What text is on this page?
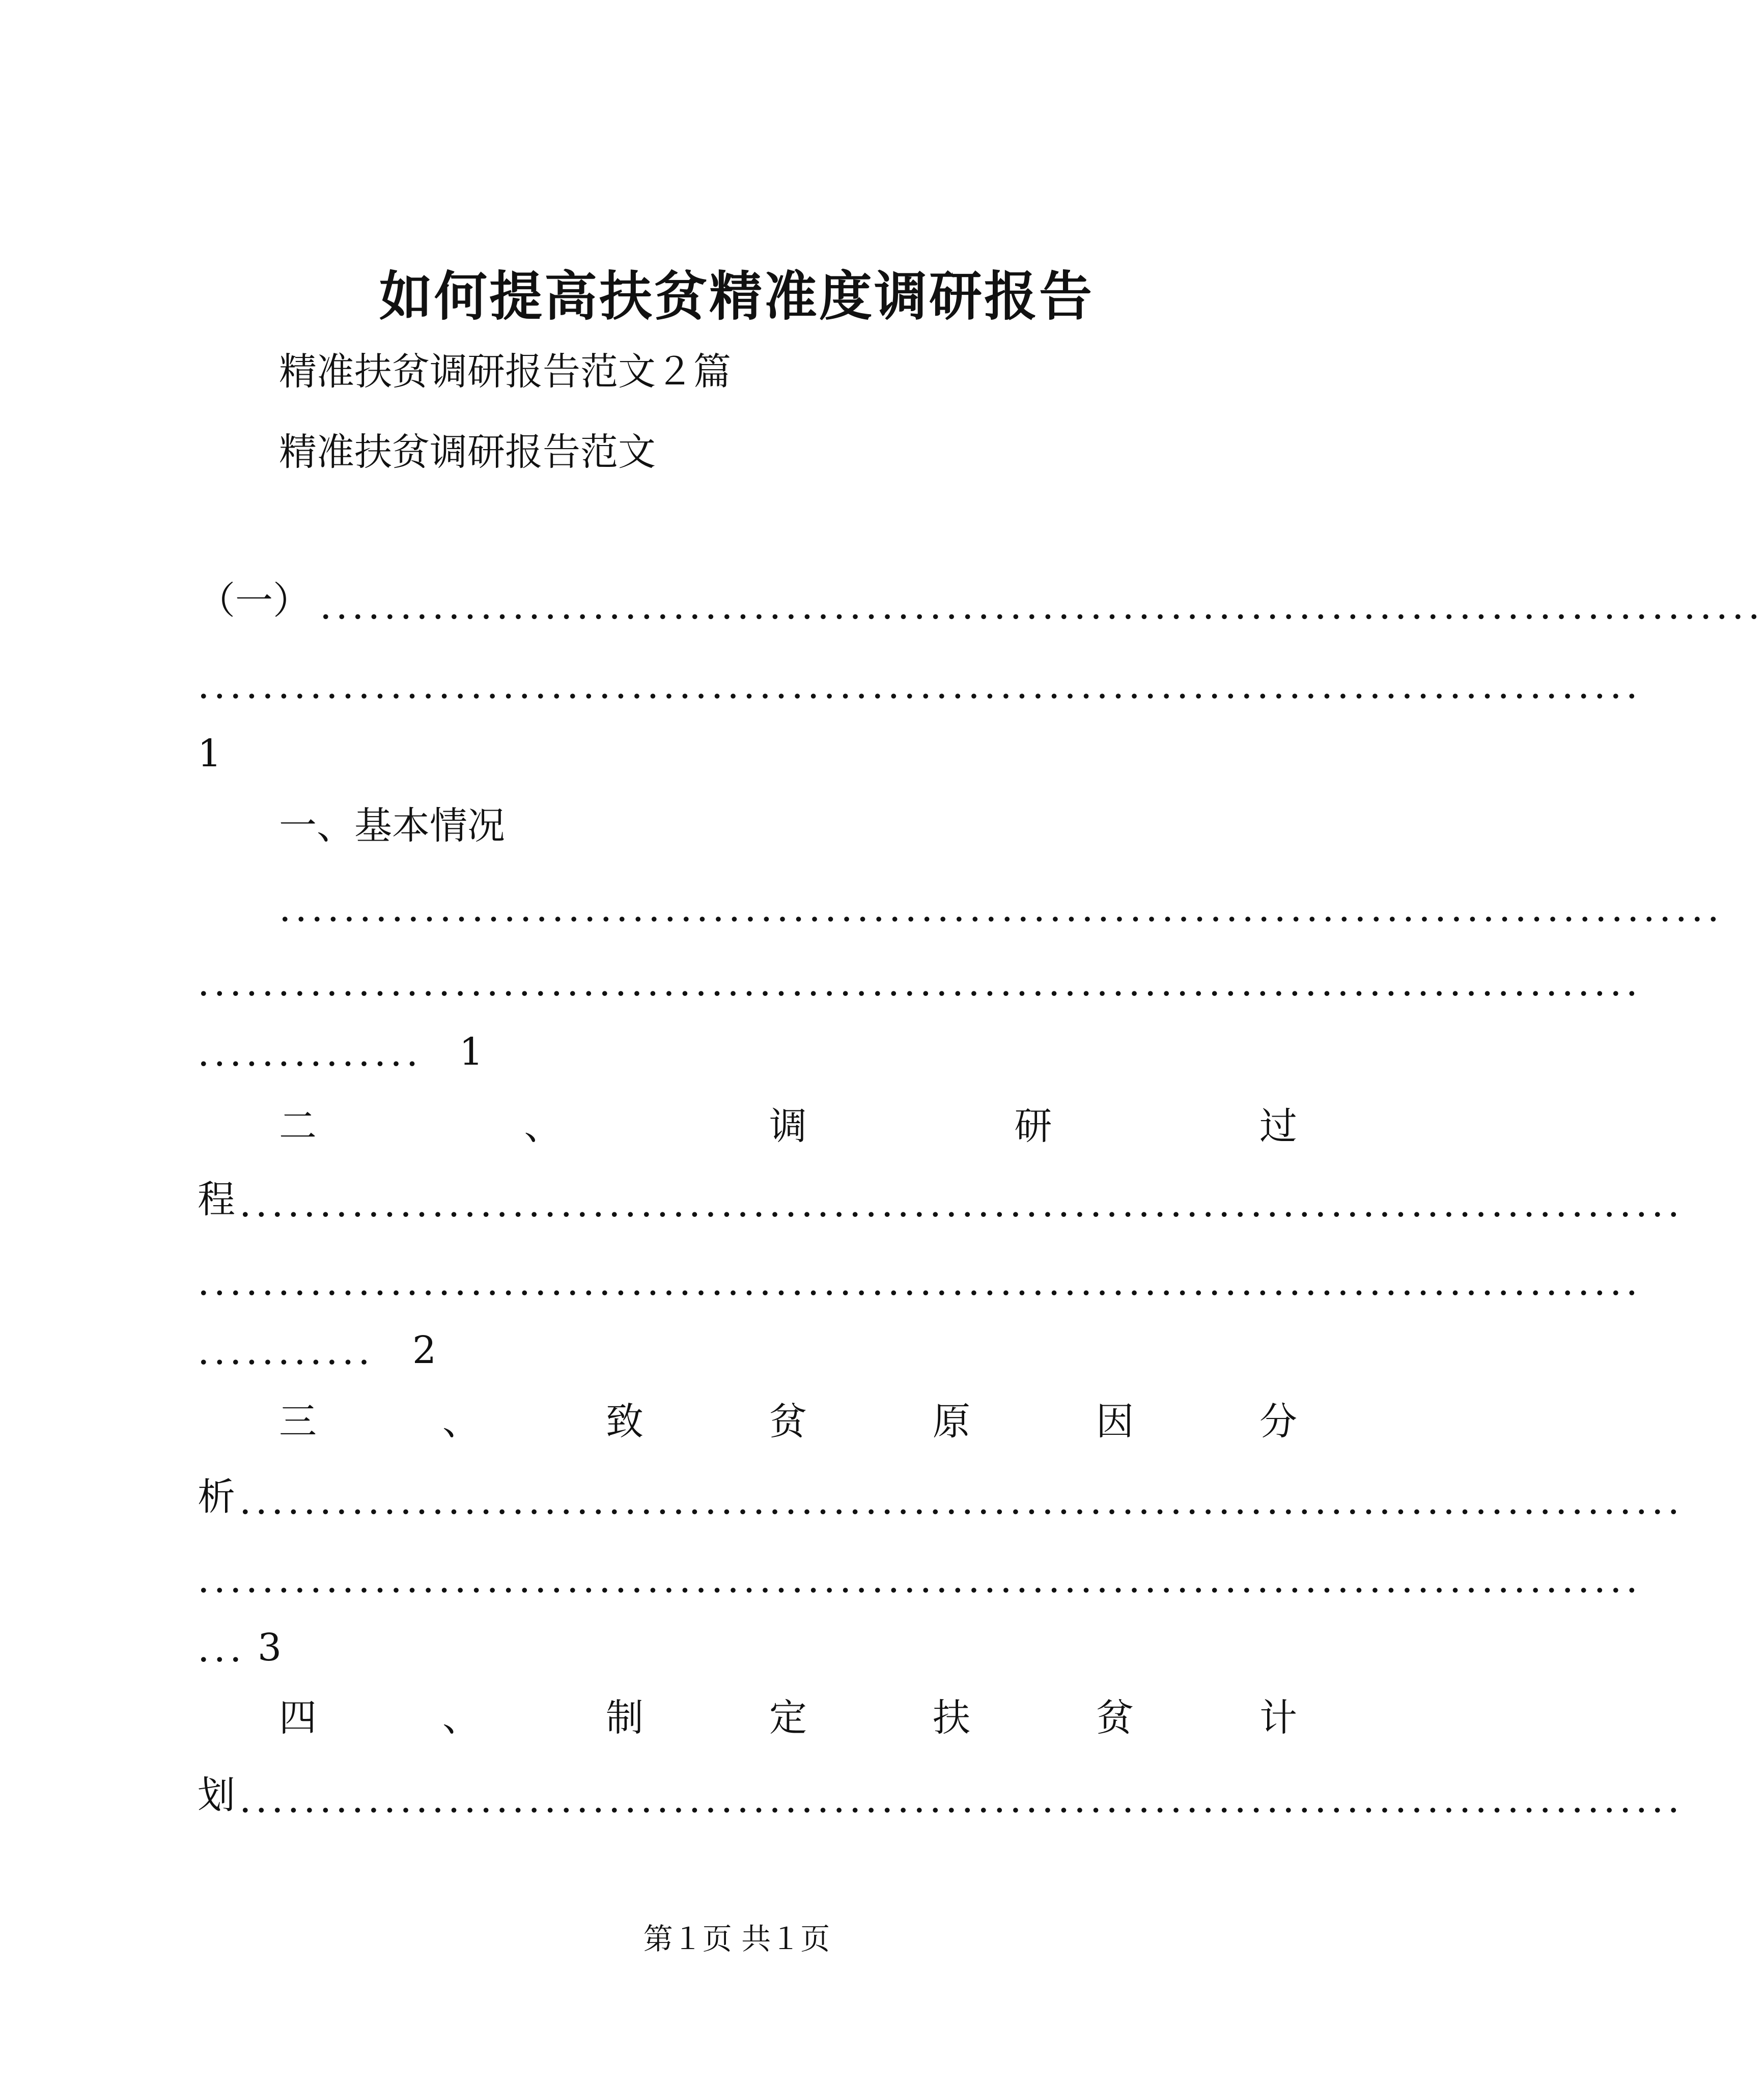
如何提高扶贫精准度调研报告
精准扶贫调研报告范文２篇
精准扶贫调研报告范文
（一） ..........................................................................................
..........................................................................................
1
一、基本情况
..........................................................................................
..........................................................................................
.............. 1
二	、	调	研	过
程 ..........................................................................................
..........................................................................................
...........	2
三	、	致	贫	原	因	分
析 ..........................................................................................
..........................................................................................
... 3
四	、	制	定	扶	贫	计
划 ..........................................................................................
第１页 共１页
